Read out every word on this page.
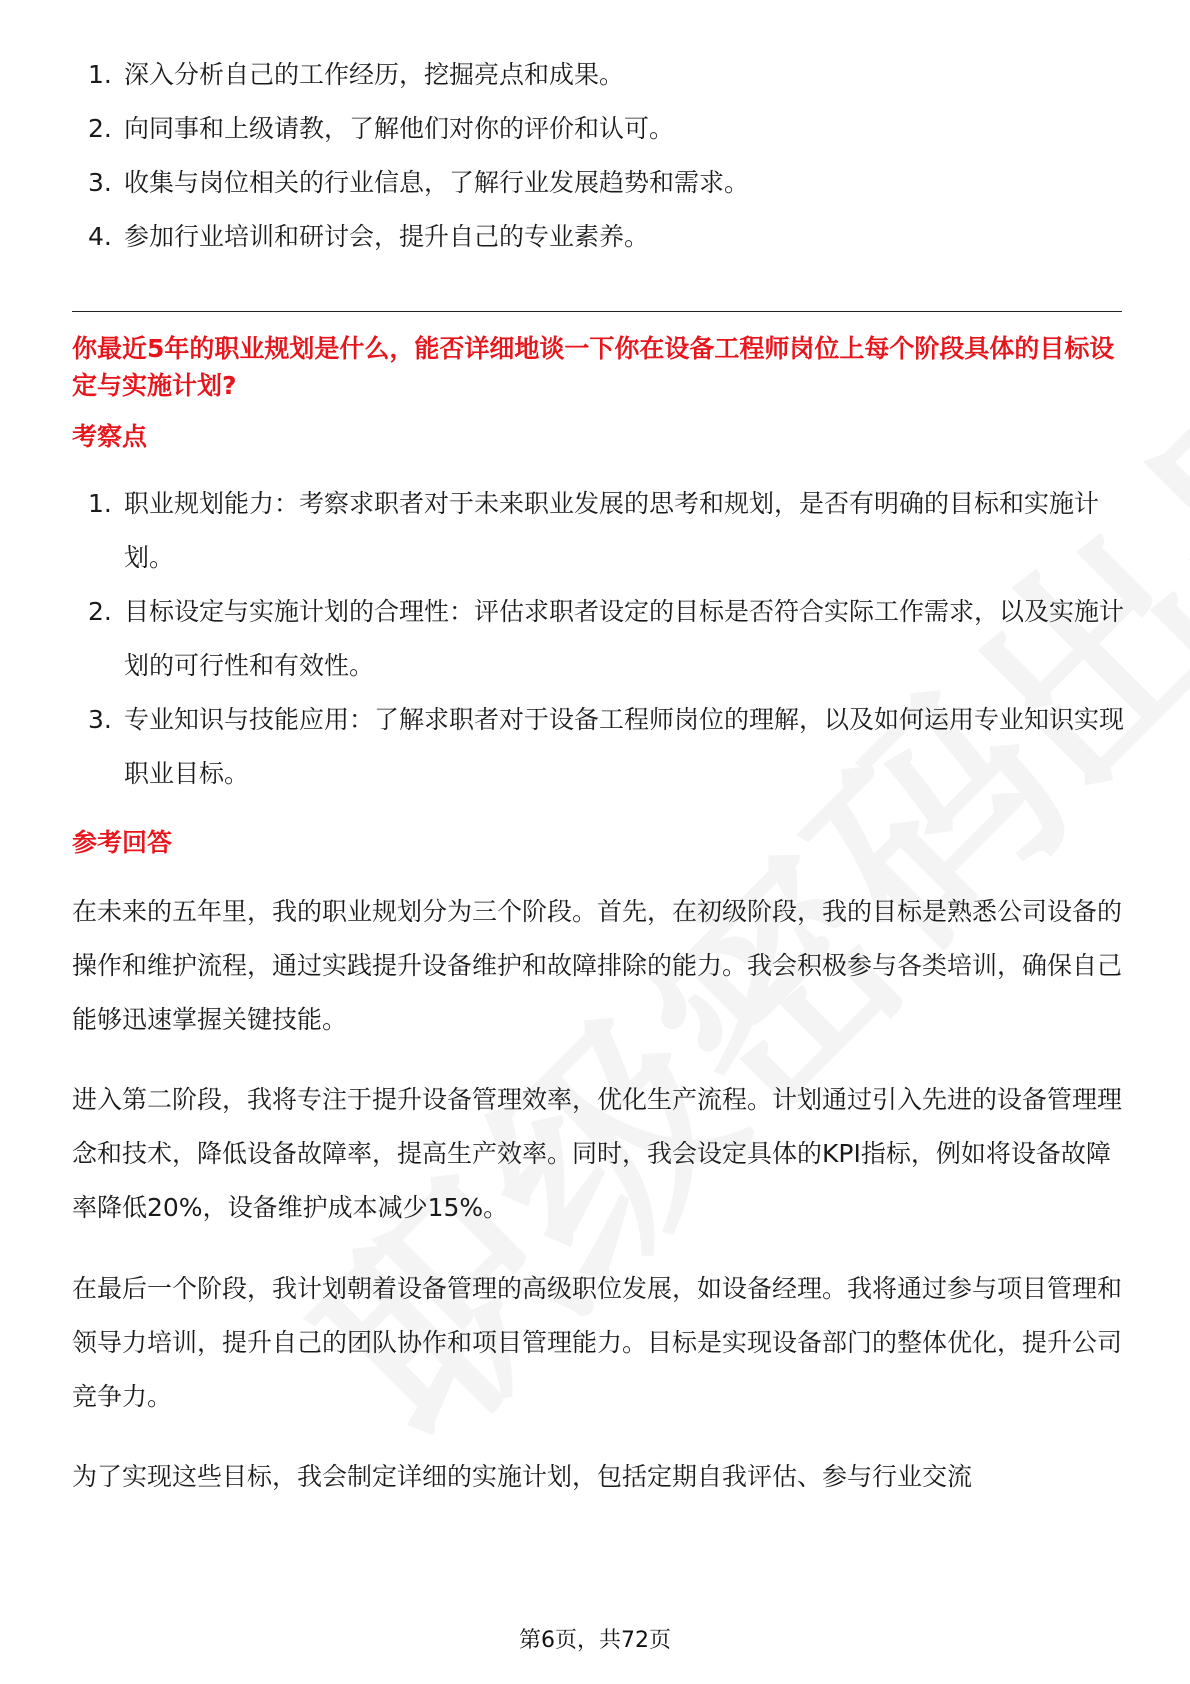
1. 深入分析自己的工作经历，挖掘亮点和成果。
2. 向同事和上级请教，了解他们对你的评价和认可。
3. 收集与岗位相关的行业信息，了解行业发展趋势和需求。
4. 参加行业培训和研讨会，提升自己的专业素养。

你最近5年的职业规划是什么，能否详细地谈一下你在设备工程师岗位上每个阶段具体的目标设定与实施计划?

考察点

1. 职业规划能力：考察求职者对于未来职业发展的思考和规划，是否有明确的目标和实施计划。
2. 目标设定与实施计划的合理性：评估求职者设定的目标是否符合实际工作需求，以及实施计划的可行性和有效性。
3. 专业知识与技能应用：了解求职者对于设备工程师岗位的理解，以及如何运用专业知识实现职业目标。

参考回答

在未来的五年里，我的职业规划分为三个阶段。首先，在初级阶段，我的目标是熟悉公司设备的操作和维护流程，通过实践提升设备维护和故障排除的能力。我会积极参与各类培训，确保自己能够迅速掌握关键技能。

进入第二阶段，我将专注于提升设备管理效率，优化生产流程。计划通过引入先进的设备管理理念和技术，降低设备故障率，提高生产效率。同时，我会设定具体的KPI指标，例如将设备故障率降低20%，设备维护成本减少15%。

在最后一个阶段，我计划朝着设备管理的高级职位发展，如设备经理。我将通过参与项目管理和领导力培训，提升自己的团队协作和项目管理能力。目标是实现设备部门的整体优化，提升公司竞争力。

为了实现这些目标，我会制定详细的实施计划，包括定期自我评估、参与行业交流

第6页，共72页
